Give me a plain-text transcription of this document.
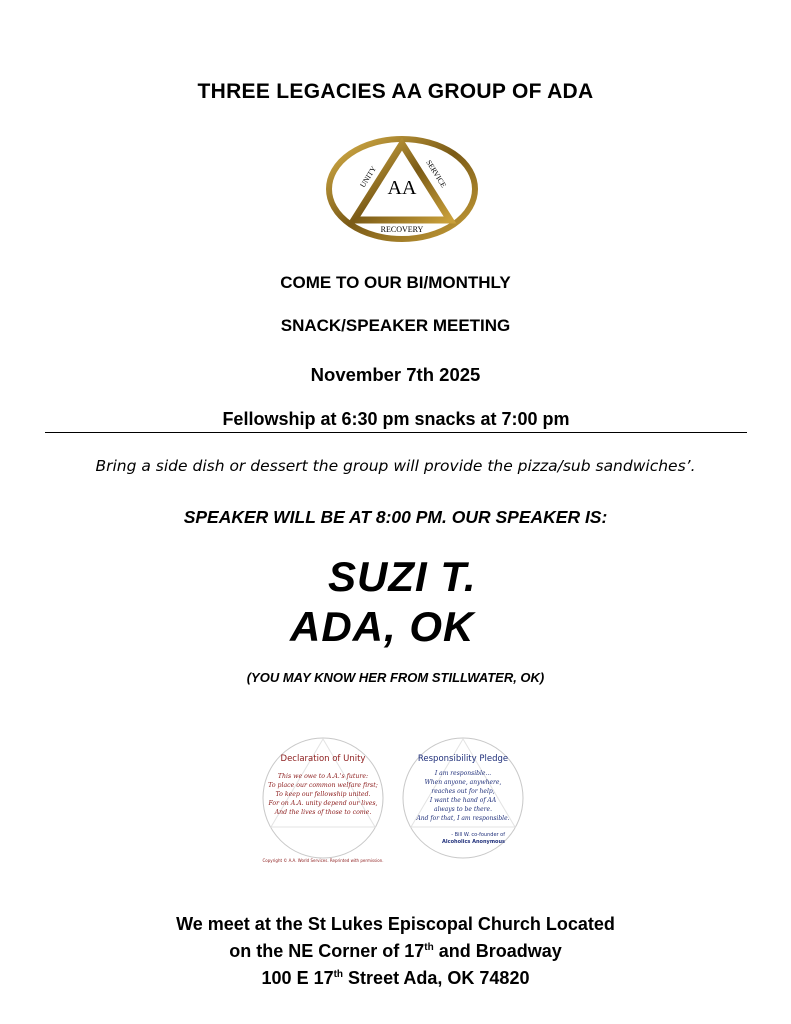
THREE LEGACIES AA GROUP OF ADA
AA
UNITY	SERVICE
RECOVERY
COME TO OUR BI/MONTHLY
SNACK/SPEAKER MEETING
November 7th 2025
Fellowship at 6:30 pm snacks at 7:00 pm
Bring a side dish or dessert the group will provide the pizza/sub sandwiches’.
SPEAKER WILL BE AT 8:00 PM. OUR SPEAKER IS:
SUZI T.
ADA, OK
(YOU MAY KNOW HER FROM STILLWATER, OK)
Declaration of Unity
This we owe to A.A.'s future:
To place our common welfare first;
To keep our fellowship united.
For on A.A. unity depend our lives,
And the lives of those to come.
Copyright © A.A. World Services. Reprinted with permission.
Responsibility Pledge
I am responsible...
When anyone, anywhere,
reaches out for help,
I want the hand of AA
always to be there.
And for that, I am responsible.
- Bill W. co-founder of
Alcoholics Anonymous
We meet at the St Lukes Episcopal Church Located
on the NE Corner of 17th and Broadway
100 E 17th Street Ada, OK 74820
